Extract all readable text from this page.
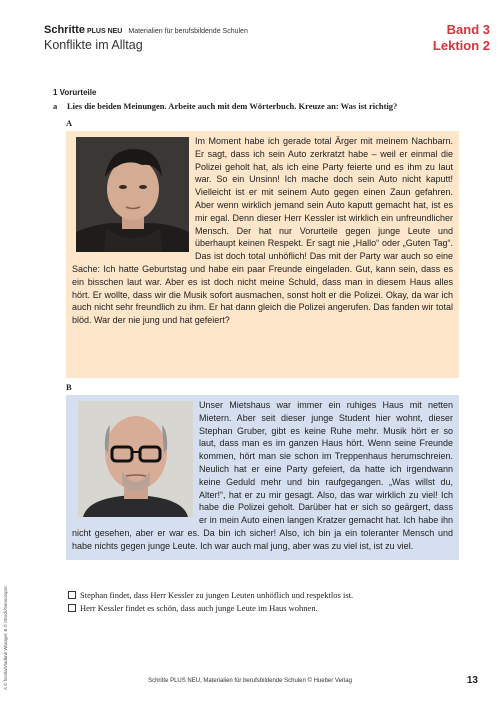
Schritte PLUS NEU Materialien für berufsbildende Schulen
Konflikte im Alltag
Band 3
Lektion 2
1 Vorurteile
a Lies die beiden Meinungen. Arbeite auch mit dem Wörterbuch. Kreuze an: Was ist richtig?
A
Im Moment habe ich gerade total Ärger mit meinem Nachbarn. Er sagt, dass ich sein Auto zerkratzt habe – weil er einmal die Polizei geholt hat, als ich eine Party feierte und es ihm zu laut war. So ein Unsinn! Ich mache doch sein Auto nicht kaputt! Vielleicht ist er mit seinem Auto gegen einen Zaun gefahren. Aber wenn wirklich jemand sein Auto kaputt gemacht hat, ist es mir egal. Denn dieser Herr Kessler ist wirklich ein unfreundlicher Mensch. Der hat nur Vorurteile gegen junge Leute und überhaupt keinen Respekt. Er sagt nie „Hallo“ oder „Guten Tag“. Das ist doch total unhöflich! Das mit der Party war auch so eine Sache: Ich hatte Geburtstag und habe ein paar Freunde eingeladen. Gut, kann sein, dass es ein bisschen laut war. Aber es ist doch nicht meine Schuld, dass man in diesem Haus alles hört. Er wollte, dass wir die Musik sofort ausmachen, sonst holt er die Polizei. Okay, da war ich auch nicht sehr freundlich zu ihm. Er hat dann gleich die Polizei angerufen. Das fanden wir total blöd. War der nie jung und hat gefeiert?
B
Unser Mietshaus war immer ein ruhiges Haus mit netten Mietern. Aber seit dieser junge Student hier wohnt, dieser Stephan Gruber, gibt es keine Ruhe mehr. Musik hört er so laut, dass man es im ganzen Haus hört. Wenn seine Freunde kommen, hört man sie schon im Treppenhaus herumschreien. Neulich hat er eine Party gefeiert, da hatte ich irgendwann keine Geduld mehr und bin raufgegangen. „Was willst du, Alter!“, hat er zu mir gesagt. Also, das war wirklich zu viel! Ich habe die Polizei geholt. Darüber hat er sich so geärgert, dass er in mein Auto einen langen Kratzer gemacht hat. Ich habe ihn nicht gesehen, aber er war es. Da bin ich sicher! Also, ich bin ja ein toleranter Mensch und habe nichts gegen junge Leute. Ich war auch mal jung, aber was zu viel ist, ist zu viel.
Stephan findet, dass Herr Kessler zu jungen Leuten unhöflich und respektlos ist.
Herr Kessler findet es schön, dass auch junge Leute im Haus wohnen.
A © fotolia/Vladimir Wrangel; B © iStock/Sensorspot	Schritte PLUS NEU, Materialien für berufsbildende Schulen © Hueber Verlag	13
